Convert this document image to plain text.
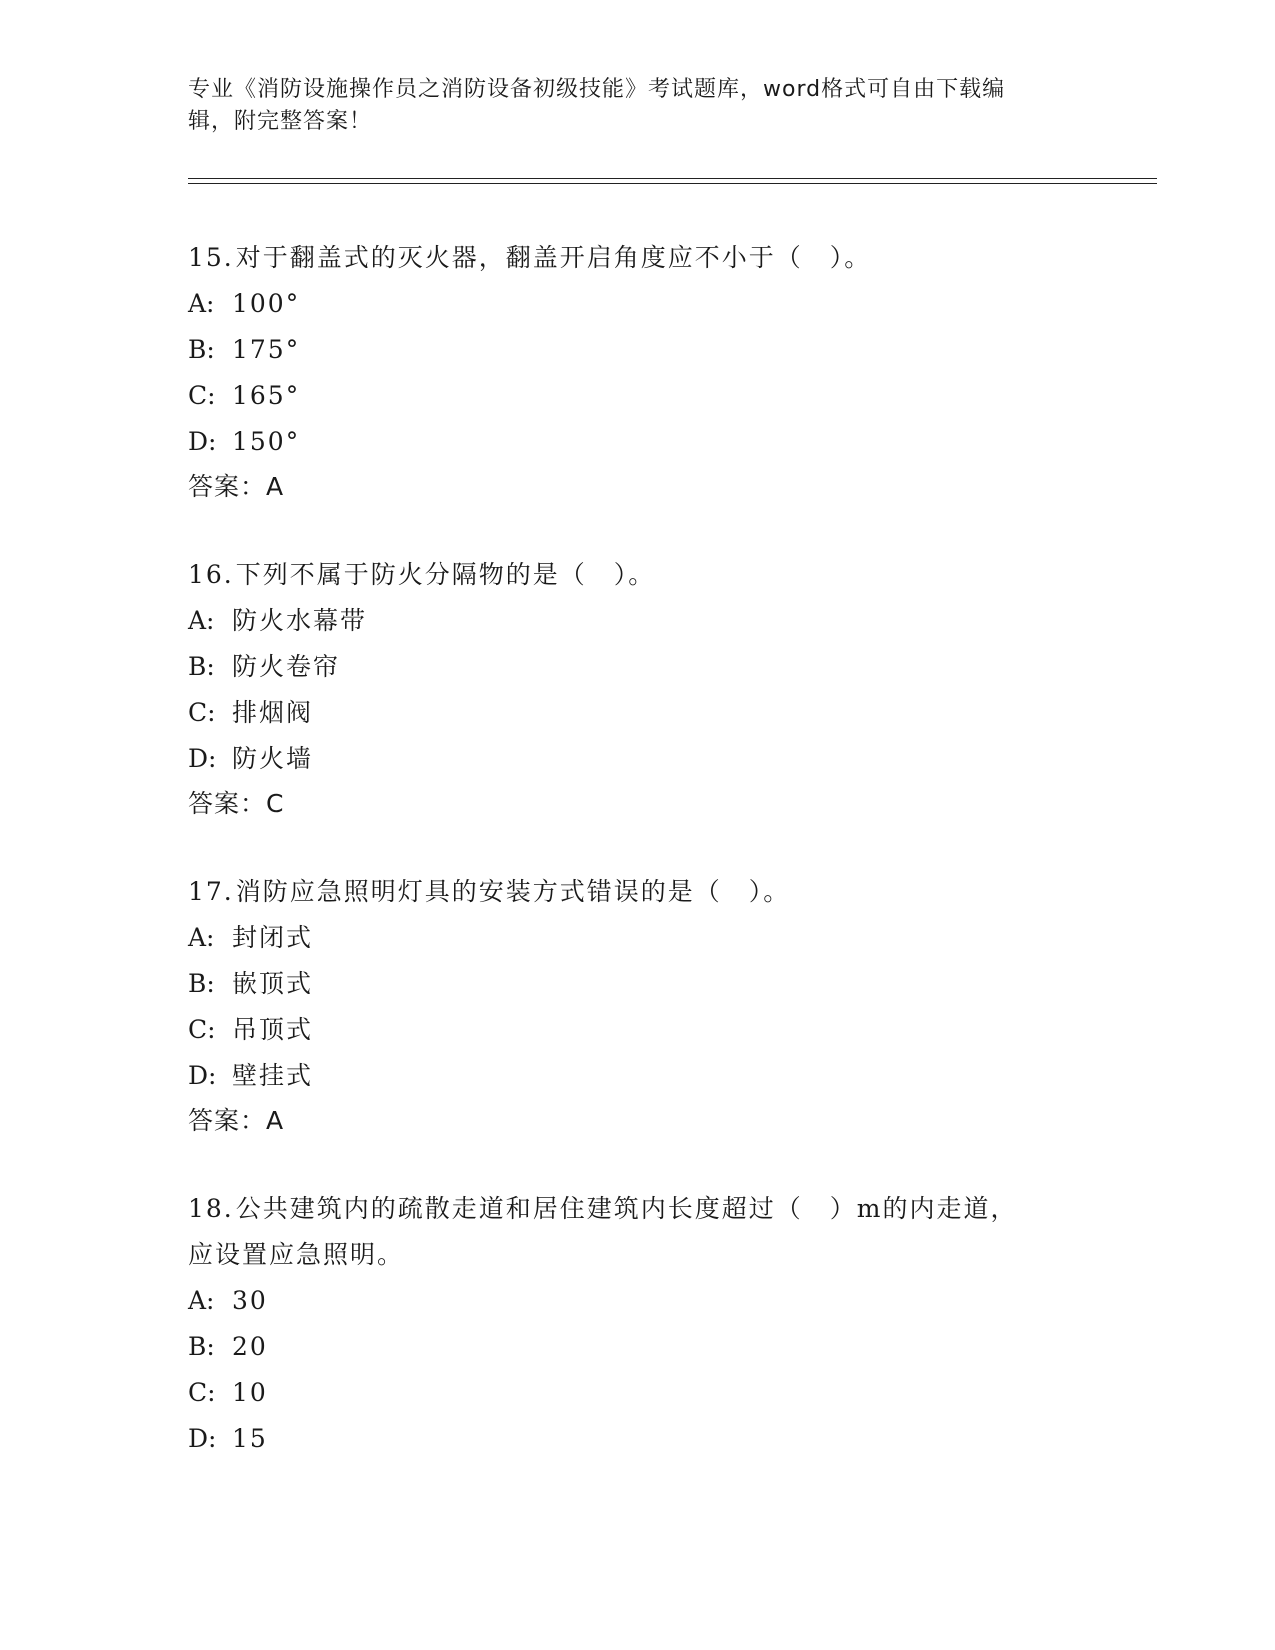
专业《消防设施操作员之消防设备初级技能》考试题库，word格式可自由下载编
辑，附完整答案！

15.对于翻盖式的灭火器，翻盖开启角度应不小于（　）。

A: 100°

B: 175°

C: 165°

D: 150°

答案：A

16.下列不属于防火分隔物的是（　）。

A: 防火水幕带

B: 防火卷帘

C: 排烟阀

D: 防火墙

答案：C

17.消防应急照明灯具的安装方式错误的是（　）。

A: 封闭式

B: 嵌顶式

C: 吊顶式

D: 壁挂式

答案：A

18.公共建筑内的疏散走道和居住建筑内长度超过（　）m的内走道，

应设置应急照明。

A: 30

B: 20

C: 10

D: 15
